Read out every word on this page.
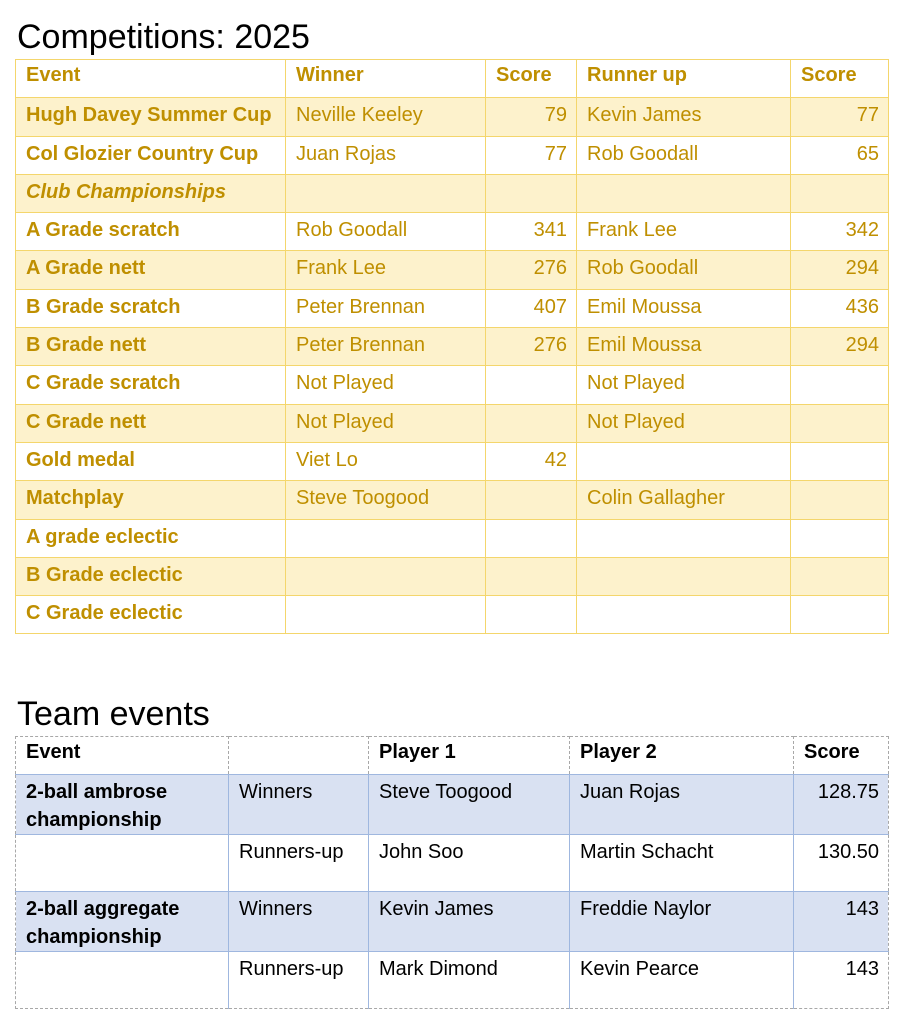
Competitions: 2025
Event	Winner	Score	Runner up	Score
Hugh Davey Summer Cup	Neville Keeley	79	Kevin James	77
Col Glozier Country Cup	Juan Rojas	77	Rob Goodall	65
Club Championships				
A Grade scratch	Rob Goodall	341	Frank Lee	342
A Grade nett	Frank Lee	276	Rob Goodall	294
B Grade scratch	Peter Brennan	407	Emil Moussa	436
B Grade nett	Peter Brennan	276	Emil Moussa	294
C Grade scratch	Not Played		Not Played	
C Grade nett	Not Played		Not Played	
Gold medal	Viet Lo	42		
Matchplay	Steve Toogood		Colin Gallagher	
A grade eclectic				
B Grade eclectic				
C Grade eclectic				
Team events
Event		Player 1	Player 2	Score
2-ball ambrose championship	Winners	Steve Toogood	Juan Rojas	128.75
	Runners-up	John Soo	Martin Schacht	130.50
2-ball aggregate championship	Winners	Kevin James	Freddie Naylor	143
	Runners-up	Mark Dimond	Kevin Pearce	143
